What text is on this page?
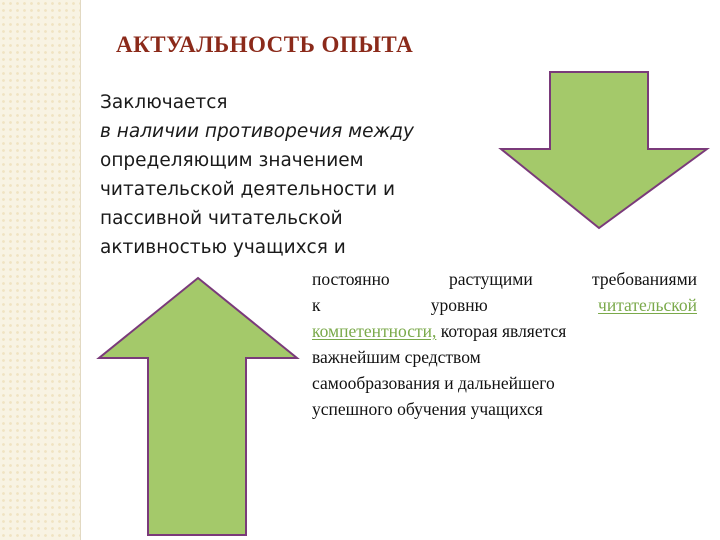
АКТУАЛЬНОСТЬ ОПЫТА
Заключается
в наличии противоречия между
определяющим значением
читательской деятельности и
пассивной читательской
активностью учащихся и
постоянно	растущими	требованиями
к	уровню	читательской
компетентности, которая является
важнейшим средством
самообразования и дальнейшего
успешного обучения учащихся
